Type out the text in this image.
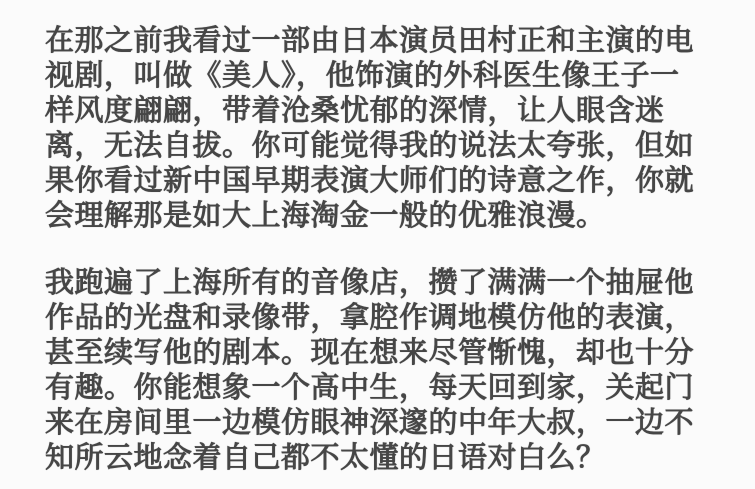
在那之前我看过一部由日本演员田村正和主演的电
视剧，叫做《美人》，他饰演的外科医生像王子一
样风度翩翩，带着沧桑忧郁的深情，让人眼含迷
离，无法自拔。你可能觉得我的说法太夸张，但如
果你看过新中国早期表演大师们的诗意之作，你就
会理解那是如大上海淘金一般的优雅浪漫。
我跑遍了上海所有的音像店，攒了满满一个抽屉他
作品的光盘和录像带，拿腔作调地模仿他的表演，
甚至续写他的剧本。现在想来尽管惭愧，却也十分
有趣。你能想象一个高中生，每天回到家，关起门
来在房间里一边模仿眼神深邃的中年大叔，一边不
知所云地念着自己都不太懂的日语对白么？
